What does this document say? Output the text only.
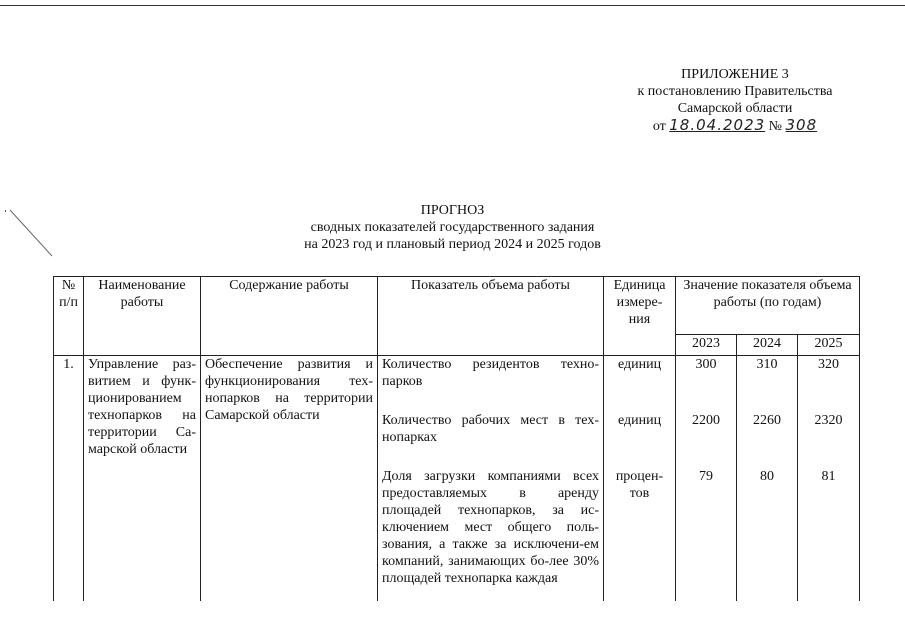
ПРИЛОЖЕНИЕ 3
к постановлению Правительства
Самарской области
от 18.04.2023 № 308
ПРОГНОЗ
сводных показателей государственного задания
на 2023 год и плановый период 2024 и 2025 годов
№ п/п	Наименование работы	Содержание работы	Показатель объема работы	Единица измере-ния	Значение показателя объема работы (по годам)		
					2023	2024	2025
1.	Управление раз-витием и функ-ционированием технопарков на территории Са-марской области	Обеспечение развития и функционирования тех-нопарков на территории Самарской области	Количество резидентов техно-парков	единиц	300	310	320

			Количество рабочих мест в тех-нопарках	единиц	2200	2260	2320

			Доля загрузки компаниями всех предоставляемых в аренду площадей технопарков, за ис-ключением мест общего поль-зования, а также за исключени-ем компаний, занимающих бо-лее 30% площадей технопарка каждая	процен-тов	79	80	81
